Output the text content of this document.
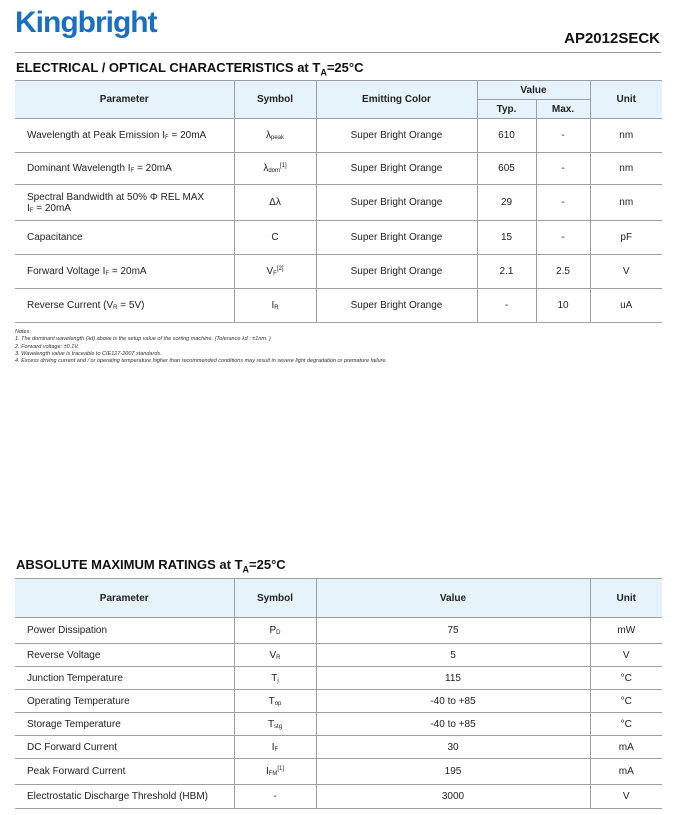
Kingbright	AP2012SECK
ELECTRICAL / OPTICAL CHARACTERISTICS at $T_A=25^\circ C$
Parameter	Symbol	Emitting Color	Value		Unit
			Typ.	Max.	

Wavelength at Peak Emission IF = 20mA	λpeak	Super Bright Orange	610	-	nm

Dominant Wavelength IF = 20mA	λdom[1]	Super Bright Orange	605	-	nm

Spectral Bandwidth at 50% Φ REL MAX
IF = 20mA	Δλ	Super Bright Orange	29	-	nm

Capacitance	C	Super Bright Orange	15	-	pF

Forward Voltage IF = 20mA	VF[2]	Super Bright Orange	2.1	2.5	V

Reverse Current (VR = 5V)	IR	Super Bright Orange	-	10	uA
Notes:
1. The dominant wavelength (λd) above is the setup value of the sorting machine. (Tolerance λd : ±1nm. )
2. Forward voltage: ±0.1V.
3. Wavelength value is traceable to CIE127-2007 standards.
4. Excess driving current and / or operating temperature higher than recommended conditions may result in severe light degradation or premature failure.
ABSOLUTE MAXIMUM RATINGS at $T_A=25^\circ C$
Parameter	Symbol	Value	Unit
Power Dissipation	PD	75	mW
Reverse Voltage	VR	5	V
Junction Temperature	Tj	115	°C
Operating Temperature	Top	-40 to +85	°C
Storage Temperature	Tstg	-40 to +85	°C
DC Forward Current	IF	30	mA
Peak Forward Current	IFM[1]	195	mA
Electrostatic Discharge Threshold (HBM)	-	3000	V
